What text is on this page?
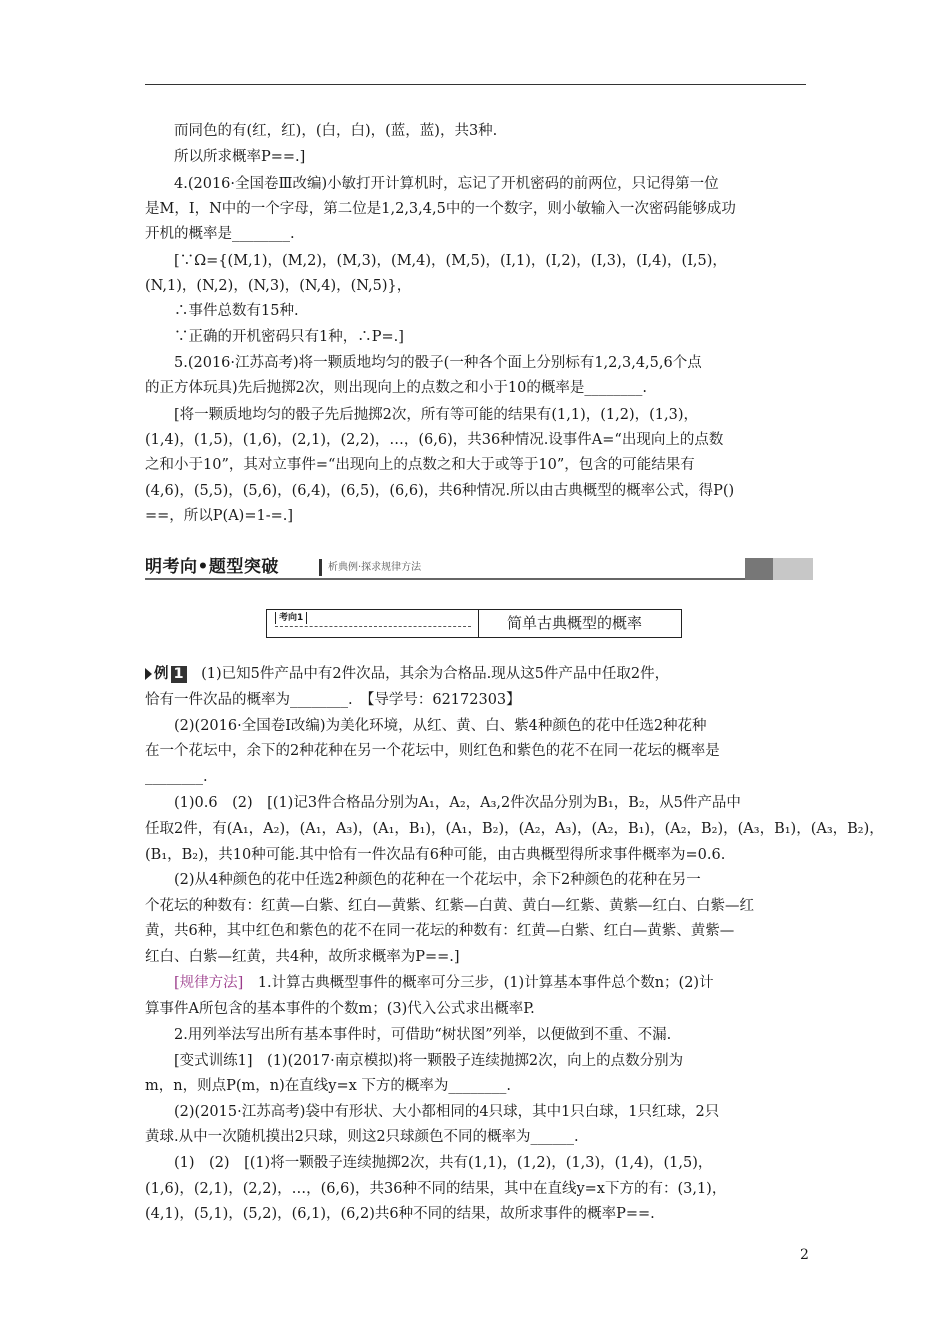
　　而同色的有(红，红)，(白，白)，(蓝，蓝)，共3种.
　　所以所求概率P==.]
　　4.(2016·全国卷Ⅲ改编)小敏打开计算机时，忘记了开机密码的前两位，只记得第一位
是M，I，N中的一个字母，第二位是1,2,3,4,5中的一个数字，则小敏输入一次密码能够成功
开机的概率是________.
　　[∵Ω={(M,1)，(M,2)，(M,3)，(M,4)，(M,5)，(I,1)，(I,2)，(I,3)，(I,4)，(I,5)，
(N,1)，(N,2)，(N,3)，(N,4)，(N,5)}，
　　∴事件总数有15种.
　　∵正确的开机密码只有1种，∴P=.]
　　5.(2016·江苏高考)将一颗质地均匀的骰子(一种各个面上分别标有1,2,3,4,5,6个点
的正方体玩具)先后抛掷2次，则出现向上的点数之和小于10的概率是________.
　　[将一颗质地均匀的骰子先后抛掷2次，所有等可能的结果有(1,1)，(1,2)，(1,3)，
(1,4)，(1,5)，(1,6)，(2,1)，(2,2)，…，(6,6)，共36种情况.设事件A=“出现向上的点数
之和小于10”，其对立事件=“出现向上的点数之和大于或等于10”，包含的可能结果有
(4,6)，(5,5)，(5,6)，(6,4)，(6,5)，(6,6)，共6种情况.所以由古典概型的概率公式，得P()
==，所以P(A)=1-=.]
明考向•题型突破	析典例·探求规律方法
考向1	简单古典概型的概率
例 1　(1)已知5件产品中有2件次品，其余为合格品.现从这5件产品中任取2件，
恰有一件次品的概率为________.　【导学号：62172303】
　　(2)(2016·全国卷Ⅰ改编)为美化环境，从红、黄、白、紫4种颜色的花中任选2种花种
在一个花坛中，余下的2种花种在另一个花坛中，则红色和紫色的花不在同一花坛的概率是
________.
　　(1)0.6　(2)　[(1)记3件合格品分别为A₁，A₂，A₃,2件次品分别为B₁，B₂，从5件产品中
任取2件，有(A₁，A₂)，(A₁，A₃)，(A₁，B₁)，(A₁，B₂)，(A₂，A₃)，(A₂，B₁)，(A₂，B₂)，(A₃，B₁)，(A₃，B₂)，
(B₁，B₂)，共10种可能.其中恰有一件次品有6种可能，由古典概型得所求事件概率为=0.6.
　　(2)从4种颜色的花中任选2种颜色的花种在一个花坛中，余下2种颜色的花种在另一
个花坛的种数有：红黄—白紫、红白—黄紫、红紫—白黄、黄白—红紫、黄紫—红白、白紫—红
黄，共6种，其中红色和紫色的花不在同一花坛的种数有：红黄—白紫、红白—黄紫、黄紫—
红白、白紫—红黄，共4种，故所求概率为P==.]
　　[规律方法]　1.计算古典概型事件的概率可分三步，(1)计算基本事件总个数n；(2)计
算事件A所包含的基本事件的个数m；(3)代入公式求出概率P.
　　2.用列举法写出所有基本事件时，可借助“树状图”列举，以便做到不重、不漏.
　　[变式训练1]　(1)(2017·南京模拟)将一颗骰子连续抛掷2次，向上的点数分别为
m，n，则点P(m，n)在直线y=x 下方的概率为________.
　　(2)(2015·江苏高考)袋中有形状、大小都相同的4只球，其中1只白球，1只红球，2只
黄球.从中一次随机摸出2只球，则这2只球颜色不同的概率为______.
　　(1)　(2)　[(1)将一颗骰子连续抛掷2次，共有(1,1)，(1,2)，(1,3)，(1,4)，(1,5)，
(1,6)，(2,1)，(2,2)，…，(6,6)，共36种不同的结果，其中在直线y=x下方的有：(3,1)，
(4,1)，(5,1)，(5,2)，(6,1)，(6,2)共6种不同的结果，故所求事件的概率P==.
2
